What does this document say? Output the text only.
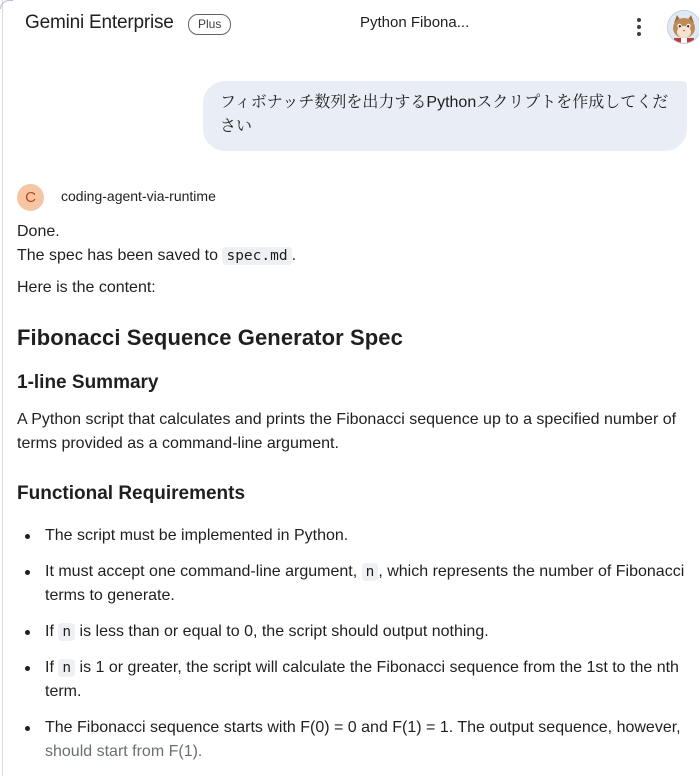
Gemini Enterprise	Plus	Python Fibona...
フィボナッチ数列を出力するPythonスクリプトを作成してください
C	coding-agent-via-runtime
Done.
The spec has been saved to spec.md .
Here is the content:
Fibonacci Sequence Generator Spec
1-line Summary
A Python script that calculates and prints the Fibonacci sequence up to a specified number of terms provided as a command-line argument.
Functional Requirements
The script must be implemented in Python.
It must accept one command-line argument, n , which represents the number of Fibonacci terms to generate.
If n is less than or equal to 0, the script should output nothing.
If n is 1 or greater, the script will calculate the Fibonacci sequence from the 1st to the nth term.
The Fibonacci sequence starts with F(0) = 0 and F(1) = 1. The output sequence, however, should start from F(1).
